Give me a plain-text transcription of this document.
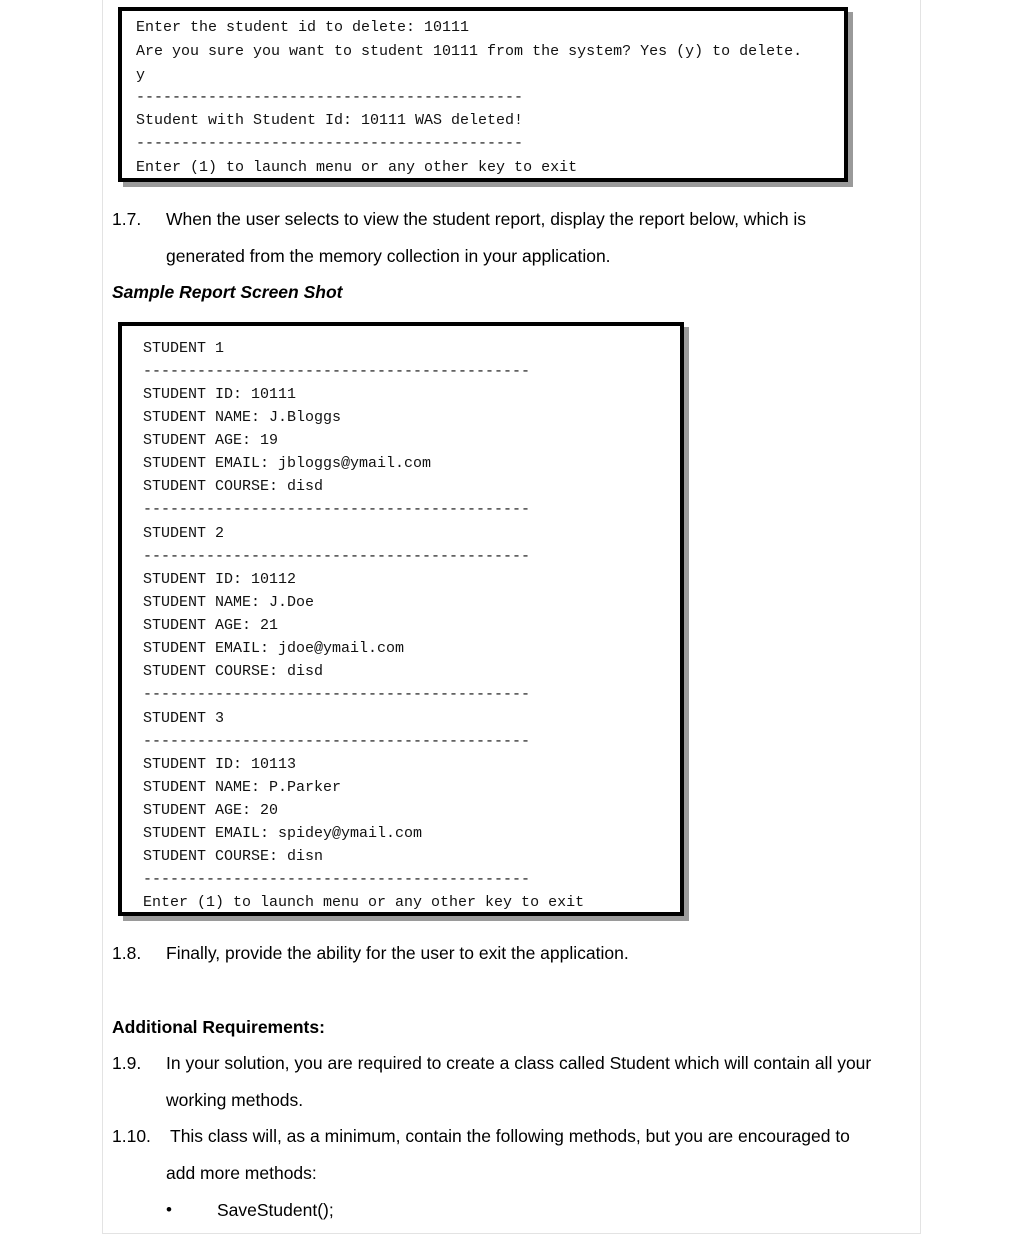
Enter the student id to delete: 10111
Are you sure you want to student 10111 from the system? Yes (y) to delete.
y
-------------------------------------------
Student with Student Id: 10111 WAS deleted!
-------------------------------------------
Enter (1) to launch menu or any other key to exit
1.7. When the user selects to view the student report, display the report below, which is
generated from the memory collection in your application.
Sample Report Screen Shot
STUDENT 1
-------------------------------------------
STUDENT ID: 10111
STUDENT NAME: J.Bloggs
STUDENT AGE: 19
STUDENT EMAIL: jbloggs@ymail.com
STUDENT COURSE: disd
-------------------------------------------
STUDENT 2
-------------------------------------------
STUDENT ID: 10112
STUDENT NAME: J.Doe
STUDENT AGE: 21
STUDENT EMAIL: jdoe@ymail.com
STUDENT COURSE: disd
-------------------------------------------
STUDENT 3
-------------------------------------------
STUDENT ID: 10113
STUDENT NAME: P.Parker
STUDENT AGE: 20
STUDENT EMAIL: spidey@ymail.com
STUDENT COURSE: disn
-------------------------------------------
Enter (1) to launch menu or any other key to exit
1.8. Finally, provide the ability for the user to exit the application.
Additional Requirements:
1.9. In your solution, you are required to create a class called Student which will contain all your
working methods.
1.10. This class will, as a minimum, contain the following methods, but you are encouraged to
add more methods:
•	SaveStudent();
